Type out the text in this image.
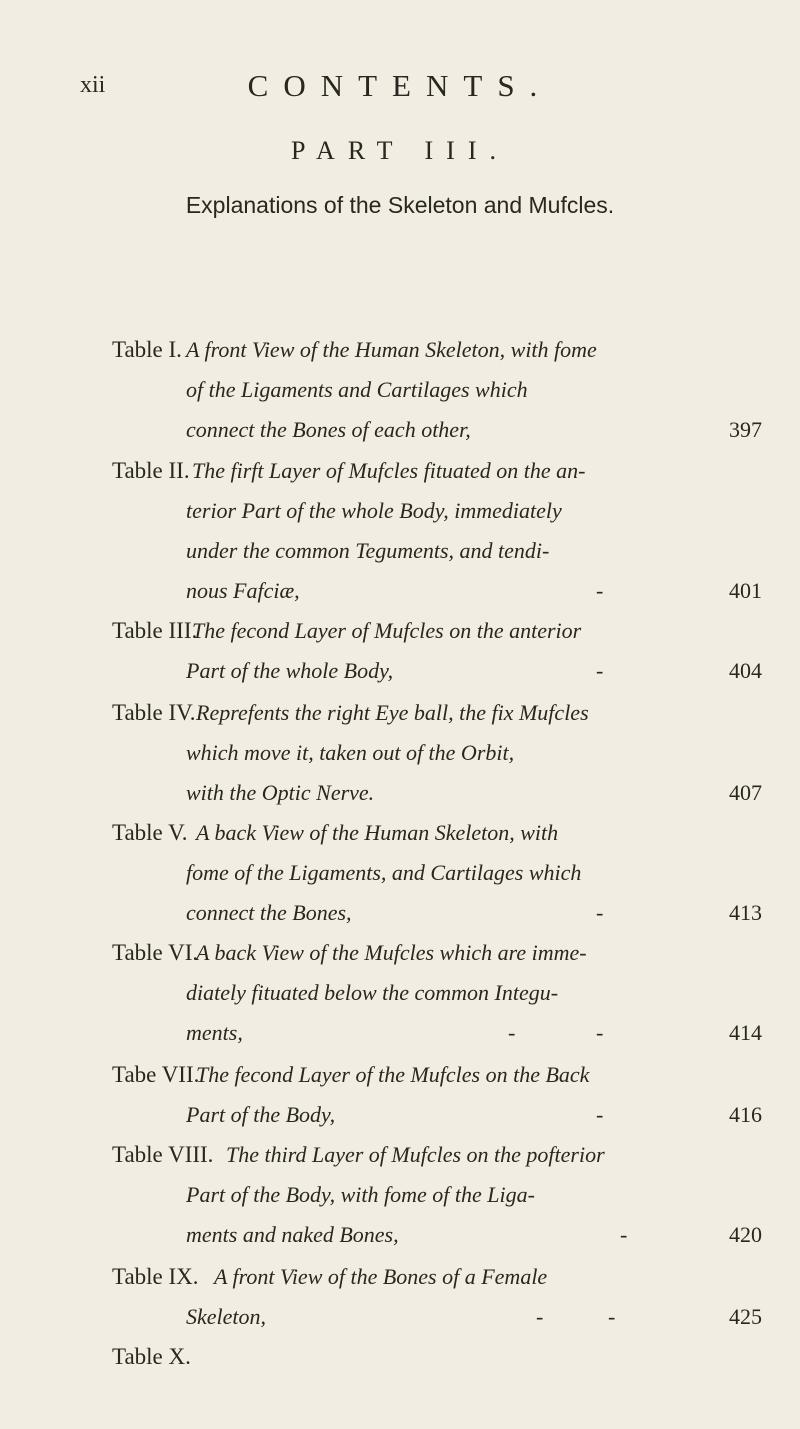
xii	CONTENTS.
PART III.
Explanations of the Skeleton and Mufcles.
Table I. A front View of the Human Skeleton, with fome
of the Ligaments and Cartilages which
connect the Bones of each other,	397
Table II. The firft Layer of Mufcles fituated on the an-
terior Part of the whole Body, immediately
under the common Teguments, and tendi-
nous Fafciæ,	-	401
Table III.
The fecond Layer of Mufcles on the anterior
Part of the whole Body,	-	404
Table IV. Reprefents the right Eye ball, the fix Mufcles
which move it, taken out of the Orbit,
with the Optic Nerve.	407
Table V. A back View of the Human Skeleton, with
fome of the Ligaments, and Cartilages which
connect the Bones,	-	413
Table VI.
A back View of the Mufcles which are imme-
diately fituated below the common Integu-
ments,	-	-	414
Tabe VII.
The fecond Layer of the Mufcles on the Back
Part of the Body,	-	416
Table VIII. The third Layer of Mufcles on the pofterior
Part of the Body, with fome of the Liga-
ments and naked Bones,	-	420
Table IX. A front View of the Bones of a Female
Skeleton,	-	-	425
Table X.
